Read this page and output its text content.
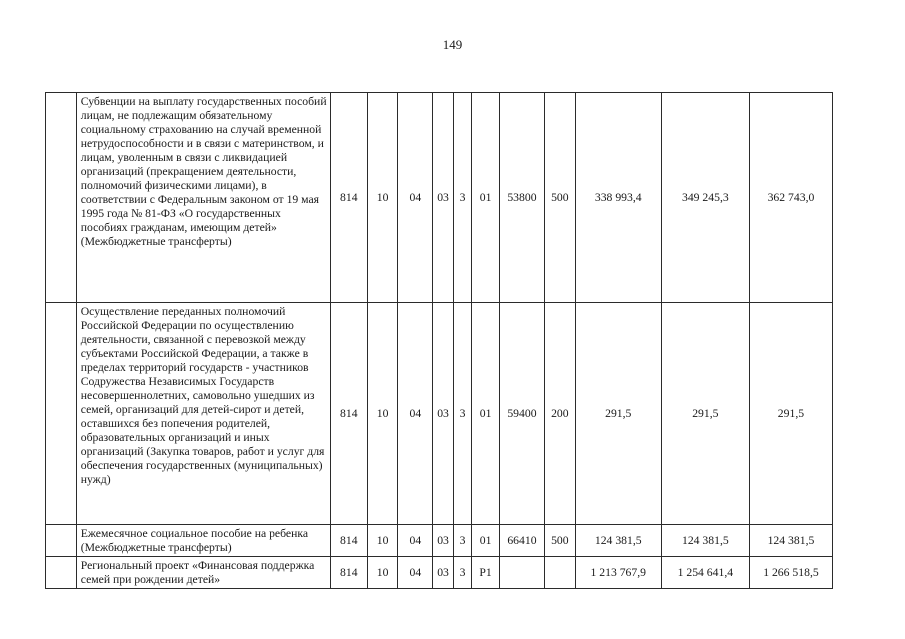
149
	Субвенции на выплату государственных пособий лицам, не подлежащим обязательному социальному страхованию на случай временной нетрудоспособности и в связи с материнством, и лицам, уволенным в связи с ликвидацией организаций (прекращением деятельности, полномочий физическими лицами), в соответствии с Федеральным законом от 19 мая 1995 года № 81-ФЗ «О государственных пособиях гражданам, имеющим детей» (Межбюджетные трансферты)	814	10	04	03	3	01	53800	500	338 993,4	349 245,3	362 743,0
	Осуществление переданных полномочий Российской Федерации по осуществлению деятельности, связанной с перевозкой между субъектами Российской Федерации, а также в пределах территорий государств - участников Содружества Независимых Государств несовершеннолетних, самовольно ушедших из семей, организаций для детей-сирот и детей, оставшихся без попечения родителей, образовательных организаций и иных организаций (Закупка товаров, работ и услуг для обеспечения государственных (муниципальных) нужд)	814	10	04	03	3	01	59400	200	291,5	291,5	291,5
	Ежемесячное социальное пособие на ребенка (Межбюджетные трансферты)	814	10	04	03	3	01	66410	500	124 381,5	124 381,5	124 381,5
	Региональный проект «Финансовая поддержка семей при рождении детей»	814	10	04	03	3	Р1			1 213 767,9	1 254 641,4	1 266 518,5
